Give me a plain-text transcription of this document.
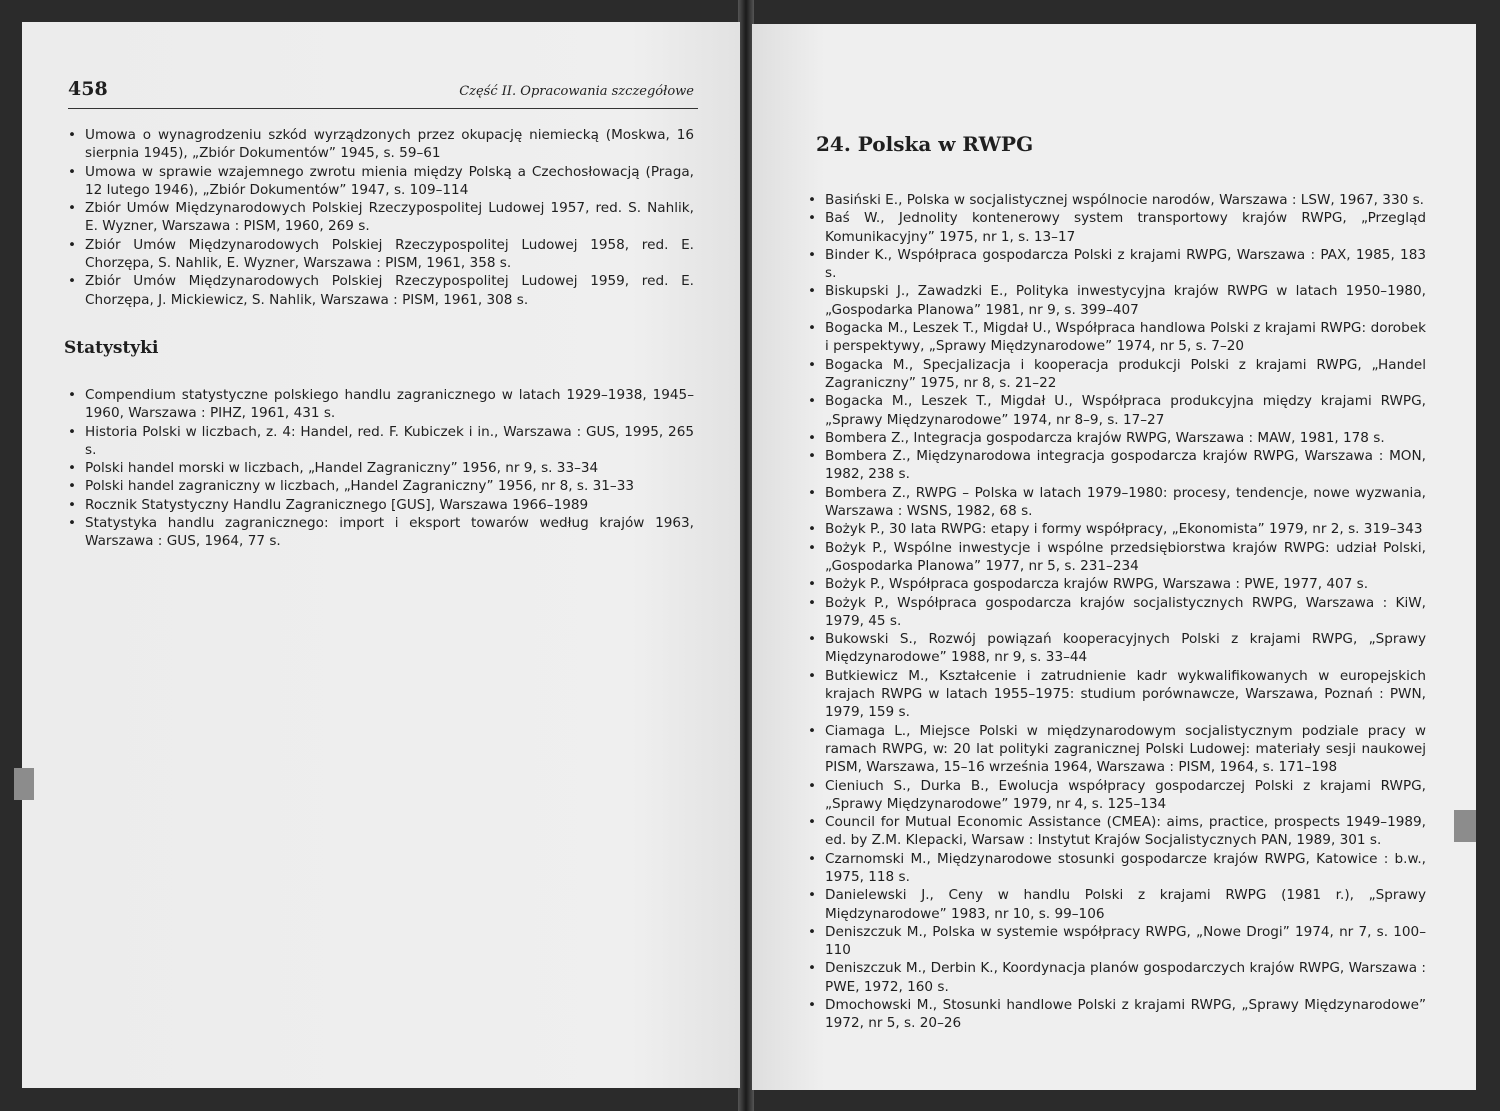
458	Część II. Opracowania szczegółowe
• Umowa o wynagrodzeniu szkód wyrządzonych przez okupację niemiecką (Moskwa, 16 sierpnia 1945), „Zbiór Dokumentów” 1945, s. 59–61
• Umowa w sprawie wzajemnego zwrotu mienia między Polską a Czechosłowacją (Praga, 12 lutego 1946), „Zbiór Dokumentów” 1947, s. 109–114
• Zbiór Umów Międzynarodowych Polskiej Rzeczypospolitej Ludowej 1957, red. S. Nahlik, E. Wyzner, Warszawa : PISM, 1960, 269 s.
• Zbiór Umów Międzynarodowych Polskiej Rzeczypospolitej Ludowej 1958, red. E. Chorzępa, S. Nahlik, E. Wyzner, Warszawa : PISM, 1961, 358 s.
• Zbiór Umów Międzynarodowych Polskiej Rzeczypospolitej Ludowej 1959, red. E. Chorzępa, J. Mickiewicz, S. Nahlik, Warszawa : PISM, 1961, 308 s.
Statystyki
• Compendium statystyczne polskiego handlu zagranicznego w latach 1929–1938, 1945–1960, Warszawa : PIHZ, 1961, 431 s.
• Historia Polski w liczbach, z. 4: Handel, red. F. Kubiczek i in., Warszawa : GUS, 1995, 265 s.
• Polski handel morski w liczbach, „Handel Zagraniczny” 1956, nr 9, s. 33–34
• Polski handel zagraniczny w liczbach, „Handel Zagraniczny” 1956, nr 8, s. 31–33
• Rocznik Statystyczny Handlu Zagranicznego [GUS], Warszawa 1966–1989
• Statystyka handlu zagranicznego: import i eksport towarów według krajów 1963, Warszawa : GUS, 1964, 77 s.
24. Polska w RWPG
• Basiński E., Polska w socjalistycznej wspólnocie narodów, Warszawa : LSW, 1967, 330 s.
• Baś W., Jednolity kontenerowy system transportowy krajów RWPG, „Przegląd Komunikacyjny” 1975, nr 1, s. 13–17
• Binder K., Współpraca gospodarcza Polski z krajami RWPG, Warszawa : PAX, 1985, 183 s.
• Biskupski J., Zawadzki E., Polityka inwestycyjna krajów RWPG w latach 1950–1980, „Gospodarka Planowa” 1981, nr 9, s. 399–407
• Bogacka M., Leszek T., Migdał U., Współpraca handlowa Polski z krajami RWPG: dorobek i perspektywy, „Sprawy Międzynarodowe” 1974, nr 5, s. 7–20
• Bogacka M., Specjalizacja i kooperacja produkcji Polski z krajami RWPG, „Handel Zagraniczny” 1975, nr 8, s. 21–22
• Bogacka M., Leszek T., Migdał U., Współpraca produkcyjna między krajami RWPG, „Sprawy Międzynarodowe” 1974, nr 8–9, s. 17–27
• Bombera Z., Integracja gospodarcza krajów RWPG, Warszawa : MAW, 1981, 178 s.
• Bombera Z., Międzynarodowa integracja gospodarcza krajów RWPG, Warszawa : MON, 1982, 238 s.
• Bombera Z., RWPG – Polska w latach 1979–1980: procesy, tendencje, nowe wyzwania, Warszawa : WSNS, 1982, 68 s.
• Bożyk P., 30 lata RWPG: etapy i formy współpracy, „Ekonomista” 1979, nr 2, s. 319–343
• Bożyk P., Wspólne inwestycje i wspólne przedsiębiorstwa krajów RWPG: udział Polski, „Gospodarka Planowa” 1977, nr 5, s. 231–234
• Bożyk P., Współpraca gospodarcza krajów RWPG, Warszawa : PWE, 1977, 407 s.
• Bożyk P., Współpraca gospodarcza krajów socjalistycznych RWPG, Warszawa : KiW, 1979, 45 s.
• Bukowski S., Rozwój powiązań kooperacyjnych Polski z krajami RWPG, „Sprawy Międzynarodowe” 1988, nr 9, s. 33–44
• Butkiewicz M., Kształcenie i zatrudnienie kadr wykwalifikowanych w europejskich krajach RWPG w latach 1955–1975: studium porównawcze, Warszawa, Poznań : PWN, 1979, 159 s.
• Ciamaga L., Miejsce Polski w międzynarodowym socjalistycznym podziale pracy w ramach RWPG, w: 20 lat polityki zagranicznej Polski Ludowej: materiały sesji naukowej PISM, Warszawa, 15–16 września 1964, Warszawa : PISM, 1964, s. 171–198
• Cieniuch S., Durka B., Ewolucja współpracy gospodarczej Polski z krajami RWPG, „Sprawy Międzynarodowe” 1979, nr 4, s. 125–134
• Council for Mutual Economic Assistance (CMEA): aims, practice, prospects 1949–1989, ed. by Z.M. Klepacki, Warsaw : Instytut Krajów Socjalistycznych PAN, 1989, 301 s.
• Czarnomski M., Międzynarodowe stosunki gospodarcze krajów RWPG, Katowice : b.w., 1975, 118 s.
• Danielewski J., Ceny w handlu Polski z krajami RWPG (1981 r.), „Sprawy Międzynarodowe” 1983, nr 10, s. 99–106
• Deniszczuk M., Polska w systemie współpracy RWPG, „Nowe Drogi” 1974, nr 7, s. 100–110
• Deniszczuk M., Derbin K., Koordynacja planów gospodarczych krajów RWPG, Warszawa : PWE, 1972, 160 s.
• Dmochowski M., Stosunki handlowe Polski z krajami RWPG, „Sprawy Międzynarodowe” 1972, nr 5, s. 20–26
